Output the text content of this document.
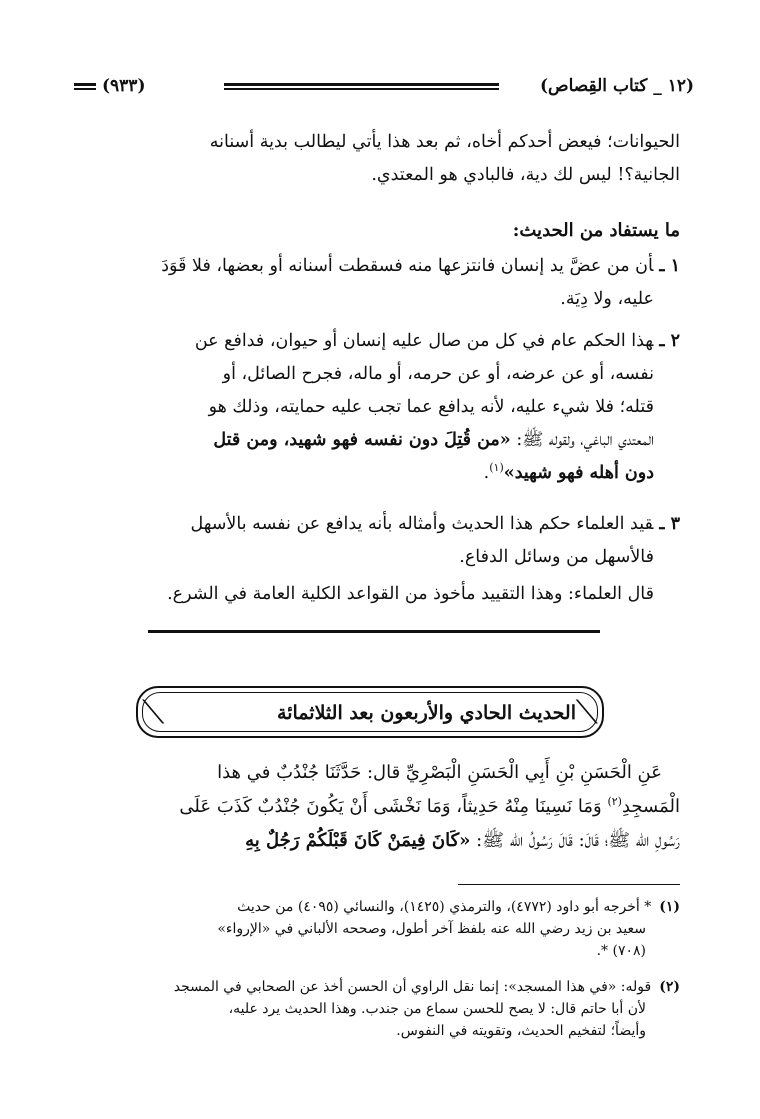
(١٢ _ كتاب القِصاص)
(٩٣٣)
الحيوانات؛ فيعض أحدكم أخاه، ثم بعد هذا يأتي ليطالب بدية أسنانه
الجانية؟! ليس لك دية، فالبادي هو المعتدي.
ما يستفاد من الحديث:
١ ـأن من عضَّ يد إنسان فانتزعها منه فسقطت أسنانه أو بعضها، فلا قَوَدَ
عليه، ولا دِيَة.
٢ ـهذا الحكم عام في كل من صال عليه إنسان أو حيوان، فدافع عن
نفسه، أو عن عرضه، أو عن حرمه، أو ماله، فجرح الصائل، أو
قتله؛ فلا شيء عليه، لأنه يدافع عما تجب عليه حمايته، وذلك هو
المعتدي الباغي، ولقوله ﷺ: «من قُتِلَ دون نفسه فهو شهيد، ومن قتل
دون أهله فهو شهيد»$^{(١)}$.
٣ ـقيد العلماء حكم هذا الحديث وأمثاله بأنه يدافع عن نفسه بالأسهل
فالأسهل من وسائل الدفاع.
قال العلماء: وهذا التقييد مأخوذ من القواعد الكلية العامة في الشرع.
الحديث الحادي والأربعون بعد الثلاثمائة ⟋
⟋
عَنِ الْحَسَنِ بْنِ أَبِي الْحَسَنِ الْبَصْرِيِّ قال: حَدَّثَنَا جُنْدُبٌ في هذا
الْمَسجِدِ$^{(٢)}$ وَمَا نَسِينَا مِنْهُ حَدِيثاً، وَمَا نَخْشَى أَنْ يَكُونَ جُنْدُبٌ كَذَبَ عَلَى
رَسُولِ الله ﷺ؛ قَالَ: قَالَ رَسُولُ الله ﷺ: «كَانَ فِيمَنْ كَانَ قَبْلَكُمْ رَجُلٌ بِهِ
(١)* أخرجه أبو داود (٤٧٧٢)، والترمذي (١٤٢٥)، والنسائي (٤٠٩٥) من حديث
سعيد بن زيد رضي الله عنه بلفظ آخر أطول، وصححه الألباني في «الإرواء»
(٧٠٨) *.
(٢)قوله: «في هذا المسجد»: إنما نقل الراوي أن الحسن أخذ عن الصحابي في المسجد
لأن أبا حاتم قال: لا يصح للحسن سماع من جندب. وهذا الحديث يرد عليه،
وأيضاً؛ لتفخيم الحديث، وتقويته في النفوس.
